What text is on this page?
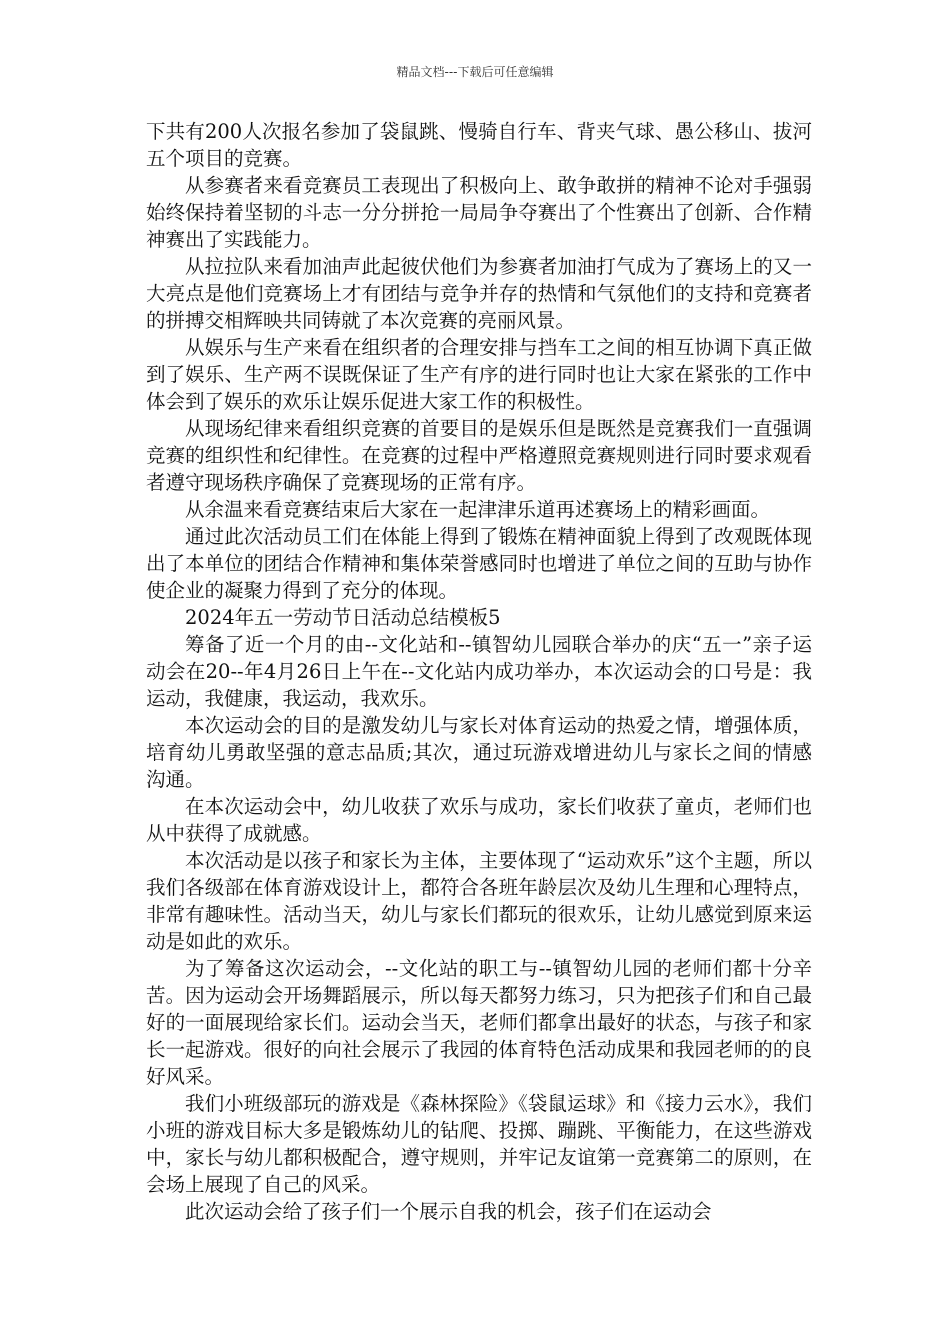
精品文档---下载后可任意编辑

下共有200人次报名参加了袋鼠跳、慢骑自行车、背夹气球、愚公移山、拔河五个项目的竞赛。

从参赛者来看竞赛员工表现出了积极向上、敢争敢拼的精神不论对手强弱始终保持着坚韧的斗志一分分拼抢一局局争夺赛出了个性赛出了创新、合作精神赛出了实践能力。

从拉拉队来看加油声此起彼伏他们为参赛者加油打气成为了赛场上的又一大亮点是他们竞赛场上才有团结与竞争并存的热情和气氛他们的支持和竞赛者的拼搏交相辉映共同铸就了本次竞赛的亮丽风景。

从娱乐与生产来看在组织者的合理安排与挡车工之间的相互协调下真正做到了娱乐、生产两不误既保证了生产有序的进行同时也让大家在紧张的工作中体会到了娱乐的欢乐让娱乐促进大家工作的积极性。

从现场纪律来看组织竞赛的首要目的是娱乐但是既然是竞赛我们一直强调竞赛的组织性和纪律性。在竞赛的过程中严格遵照竞赛规则进行同时要求观看者遵守现场秩序确保了竞赛现场的正常有序。

从余温来看竞赛结束后大家在一起津津乐道再述赛场上的精彩画面。

通过此次活动员工们在体能上得到了锻炼在精神面貌上得到了改观既体现出了本单位的团结合作精神和集体荣誉感同时也增进了单位之间的互助与协作使企业的凝聚力得到了充分的体现。

2024年五一劳动节日活动总结模板5

筹备了近一个月的由--文化站和--镇智幼儿园联合举办的庆“五一”亲子运动会在20--年4月26日上午在--文化站内成功举办，本次运动会的口号是：我运动，我健康，我运动，我欢乐。

本次运动会的目的是激发幼儿与家长对体育运动的热爱之情，增强体质，培育幼儿勇敢坚强的意志品质;其次，通过玩游戏增进幼儿与家长之间的情感沟通。

在本次运动会中，幼儿收获了欢乐与成功，家长们收获了童贞，老师们也从中获得了成就感。

本次活动是以孩子和家长为主体，主要体现了“运动欢乐”这个主题，所以我们各级部在体育游戏设计上，都符合各班年龄层次及幼儿生理和心理特点，非常有趣味性。活动当天，幼儿与家长们都玩的很欢乐，让幼儿感觉到原来运动是如此的欢乐。

为了筹备这次运动会，--文化站的职工与--镇智幼儿园的老师们都十分辛苦。因为运动会开场舞蹈展示，所以每天都努力练习，只为把孩子们和自己最好的一面展现给家长们。运动会当天，老师们都拿出最好的状态，与孩子和家长一起游戏。很好的向社会展示了我园的体育特色活动成果和我园老师的的良好风采。

我们小班级部玩的游戏是《森林探险》《袋鼠运球》和《接力云水》，我们小班的游戏目标大多是锻炼幼儿的钻爬、投掷、蹦跳、平衡能力，在这些游戏中，家长与幼儿都积极配合，遵守规则，并牢记友谊第一竞赛第二的原则，在会场上展现了自己的风采。

此次运动会给了孩子们一个展示自我的机会，孩子们在运动会
